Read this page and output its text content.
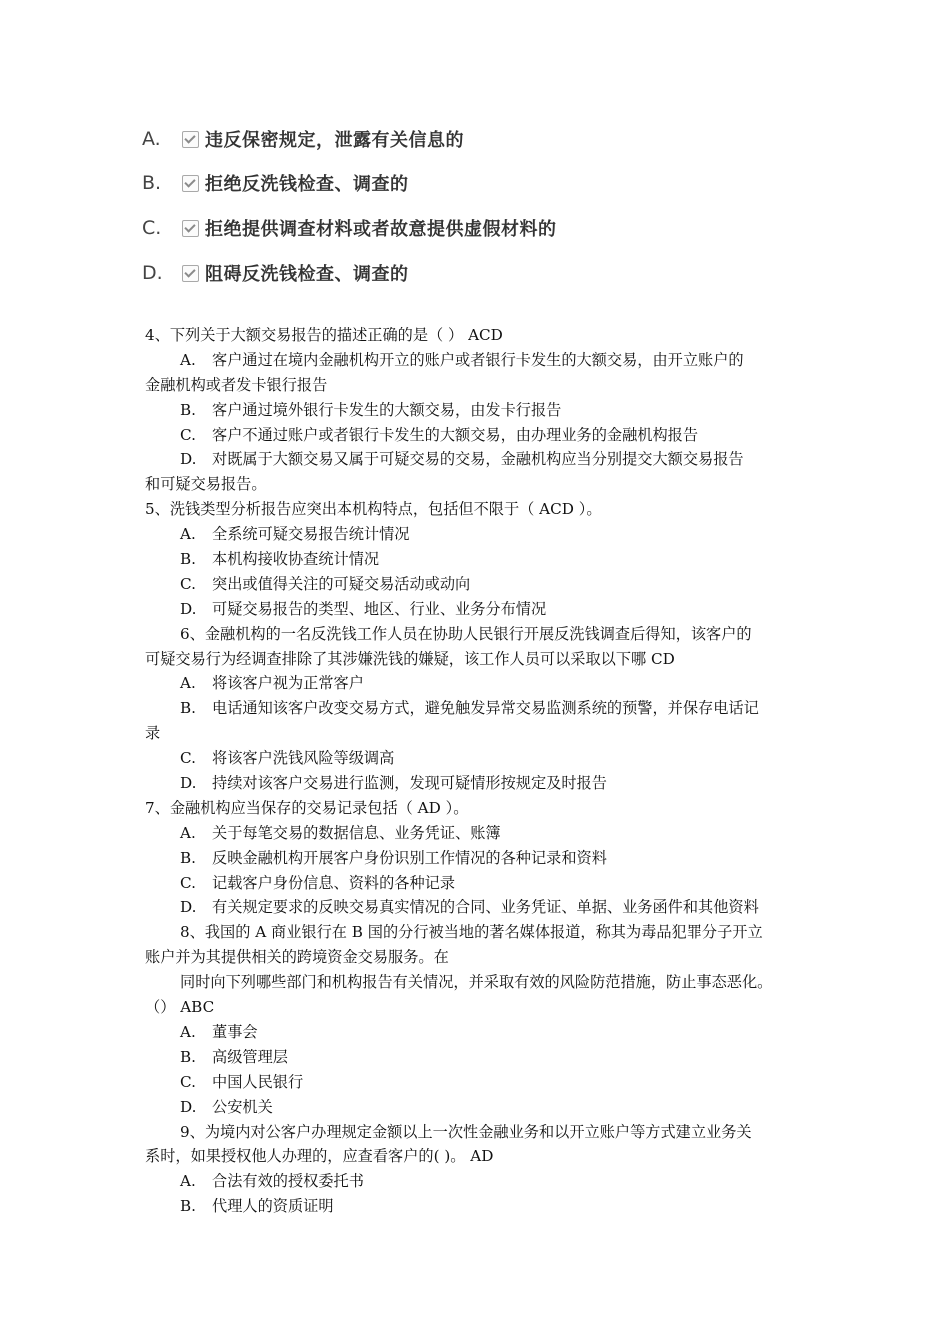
A.	违反保密规定，泄露有关信息的
B.	拒绝反洗钱检查、调查的
C.	拒绝提供调查材料或者故意提供虚假材料的
D.	阻碍反洗钱检查、调查的
4、下列关于大额交易报告的描述正确的是（ ） ACD
A. 客户通过在境内金融机构开立的账户或者银行卡发生的大额交易，由开立账户的
金融机构或者发卡银行报告
B. 客户通过境外银行卡发生的大额交易，由发卡行报告
C. 客户不通过账户或者银行卡发生的大额交易，由办理业务的金融机构报告
D. 对既属于大额交易又属于可疑交易的交易，金融机构应当分别提交大额交易报告
和可疑交易报告。
5、洗钱类型分析报告应突出本机构特点，包括但不限于（ ACD ）。
A. 全系统可疑交易报告统计情况
B. 本机构接收协查统计情况
C. 突出或值得关注的可疑交易活动或动向
D. 可疑交易报告的类型、地区、行业、业务分布情况
6、金融机构的一名反洗钱工作人员在协助人民银行开展反洗钱调查后得知，该客户的
可疑交易行为经调查排除了其涉嫌洗钱的嫌疑，该工作人员可以采取以下哪 CD
A. 将该客户视为正常客户
B. 电话通知该客户改变交易方式，避免触发异常交易监测系统的预警，并保存电话记
录
C. 将该客户洗钱风险等级调高
D. 持续对该客户交易进行监测，发现可疑情形按规定及时报告
7、金融机构应当保存的交易记录包括（ AD ）。
A. 关于每笔交易的数据信息、业务凭证、账簿
B. 反映金融机构开展客户身份识别工作情况的各种记录和资料
C. 记载客户身份信息、资料的各种记录
D. 有关规定要求的反映交易真实情况的合同、业务凭证、单据、业务函件和其他资料
8、我国的 A 商业银行在 B 国的分行被当地的著名媒体报道，称其为毒品犯罪分子开立
账户并为其提供相关的跨境资金交易服务。在
同时向下列哪些部门和机构报告有关情况，并采取有效的风险防范措施，防止事态恶化。
（） ABC
A. 董事会
B. 高级管理层
C. 中国人民银行
D. 公安机关
9、为境内对公客户办理规定金额以上一次性金融业务和以开立账户等方式建立业务关
系时，如果授权他人办理的，应查看客户的( )。 AD
A. 合法有效的授权委托书
B. 代理人的资质证明
